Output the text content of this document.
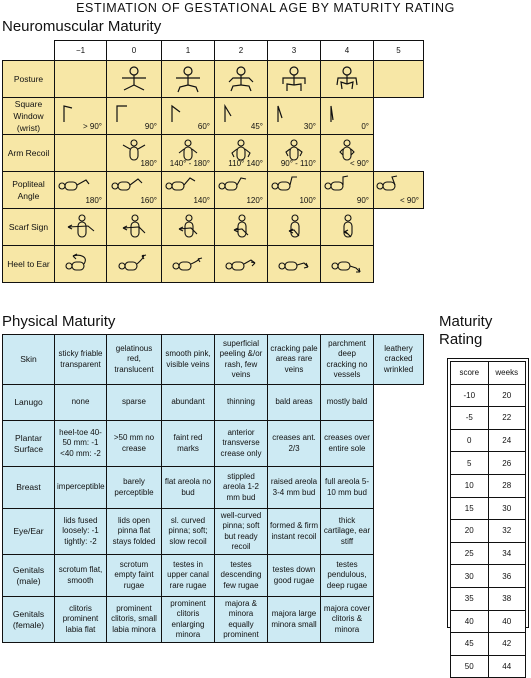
ESTIMATION OF GESTATIONAL AGE BY MATURITY RATING
Neuromuscular Maturity
	−1	0	1	2	3	4	5	
Posture		

Square Window (wrist)	> 90°	90°	60°	45°	30°	0°		

Arm Recoil		180°	140° - 180°	110° 140°	90° - 110°	< 90°		

Popliteal Angle	180°	160°	140°	120°	100°	90°	< 90°	

Scarf Sign	

Heel to Ear	

Physical Maturity
Skin	sticky friable transparent	gelatinous red, translucent	smooth pink, visible veins	superficial peeling &/or rash, few veins	cracking pale areas rare veins	parchment deep cracking no vessels	leathery cracked wrinkled
Lanugo	none	sparse	abundant	thinning	bald areas	mostly bald	
Plantar Surface	heel-toe 40-50 mm: -1 <40 mm: -2	>50 mm no crease	faint red marks	anterior transverse crease only	creases ant. 2/3	creases over entire sole	
Breast	imperceptible	barely perceptible	flat areola no bud	stippled areola 1-2 mm bud	raised areola 3-4 mm bud	full areola 5-10 mm bud	
Eye/Ear	lids fused loosely: -1 tightly: -2	lids open pinna flat stays folded	sl. curved pinna; soft; slow recoil	well-curved pinna; soft but ready recoil	formed & firm instant recoil	thick cartilage, ear stiff	
Genitals (male)	scrotum flat, smooth	scrotum empty faint rugae	testes in upper canal rare rugae	testes descending few rugae	testes down good rugae	testes pendulous, deep rugae	
Genitals (female)	clitoris prominent labia flat	prominent clitoris, small labia minora	prominent clitoris enlarging minora	majora & minora equally prominent	majora large minora small	majora cover clitoris & minora	
Maturity Rating
score	weeks
-10	20
-5	22
0	24
5	26
10	28
15	30
20	32
25	34
30	36
35	38
40	40
45	42
50	44
